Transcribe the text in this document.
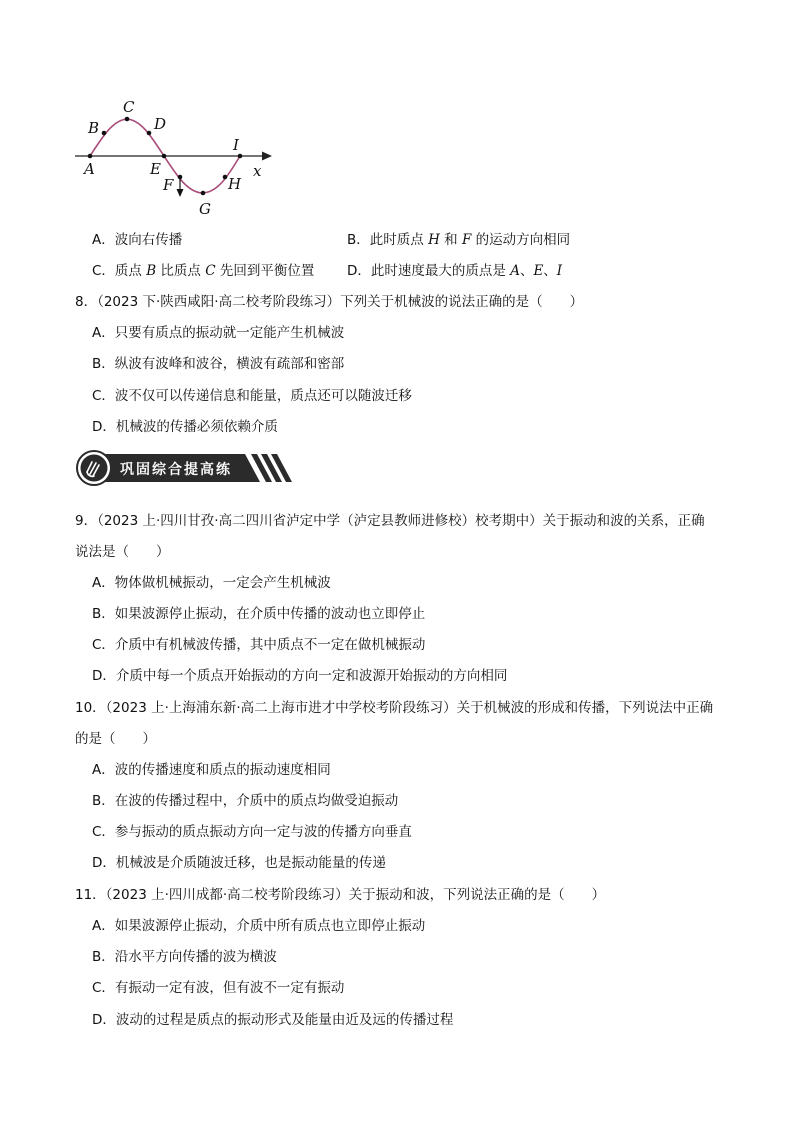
A
B
C
D
E
F
G
H
I
x
A．波向右传播	B．此时质点 H 和 F 的运动方向相同
C．质点 B 比质点 C 先回到平衡位置 D．此时速度最大的质点是 A、E、I
8．（2023 下·陕西咸阳·高二校考阶段练习）下列关于机械波的说法正确的是（　　）
A．只要有质点的振动就一定能产生机械波
B．纵波有波峰和波谷，横波有疏部和密部
C．波不仅可以传递信息和能量，质点还可以随波迁移
D．机械波的传播必须依赖介质
巩固综合提高练
9．（2023 上·四川甘孜·高二四川省泸定中学（泸定县教师进修校）校考期中）关于振动和波的关系，正确
说法是（　　）
A．物体做机械振动，一定会产生机械波
B．如果波源停止振动，在介质中传播的波动也立即停止
C．介质中有机械波传播，其中质点不一定在做机械振动
D．介质中每一个质点开始振动的方向一定和波源开始振动的方向相同
10．（2023 上·上海浦东新·高二上海市进才中学校考阶段练习）关于机械波的形成和传播，下列说法中正确
的是（　　）
A．波的传播速度和质点的振动速度相同
B．在波的传播过程中，介质中的质点均做受迫振动
C．参与振动的质点振动方向一定与波的传播方向垂直
D．机械波是介质随波迁移，也是振动能量的传递
11．（2023 上·四川成都·高二校考阶段练习）关于振动和波，下列说法正确的是（　　）
A．如果波源停止振动，介质中所有质点也立即停止振动
B．沿水平方向传播的波为横波
C．有振动一定有波，但有波不一定有振动
D．波动的过程是质点的振动形式及能量由近及远的传播过程
